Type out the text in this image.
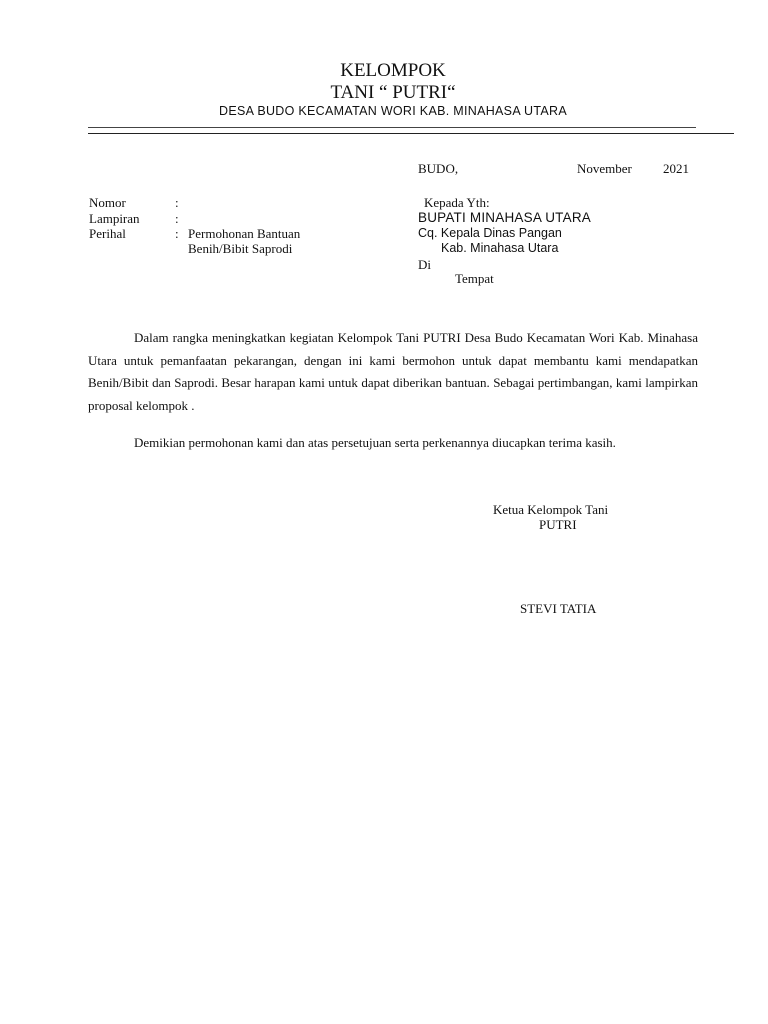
KELOMPOK
TANI “ PUTRI“
DESA BUDO KECAMATAN WORI KAB. MINAHASA UTARA
BUDO,	November 2021
Nomor	:
Lampiran	:
Perihal	: Permohonan Bantuan
Benih/Bibit Saprodi
Kepada Yth:
BUPATI MINAHASA UTARA
Cq. Kepala Dinas Pangan
Kab. Minahasa Utara
Di
Tempat
Dalam rangka meningkatkan kegiatan Kelompok Tani PUTRI Desa Budo Kecamatan Wori Kab. Minahasa Utara untuk pemanfaatan pekarangan, dengan ini kami bermohon untuk dapat membantu kami mendapatkan Benih/Bibit dan Saprodi. Besar harapan kami untuk dapat diberikan bantuan. Sebagai pertimbangan, kami lampirkan proposal kelompok .
Demikian permohonan kami dan atas persetujuan serta perkenannya diucapkan terima kasih.
Ketua Kelompok Tani
PUTRI
STEVI TATIA
